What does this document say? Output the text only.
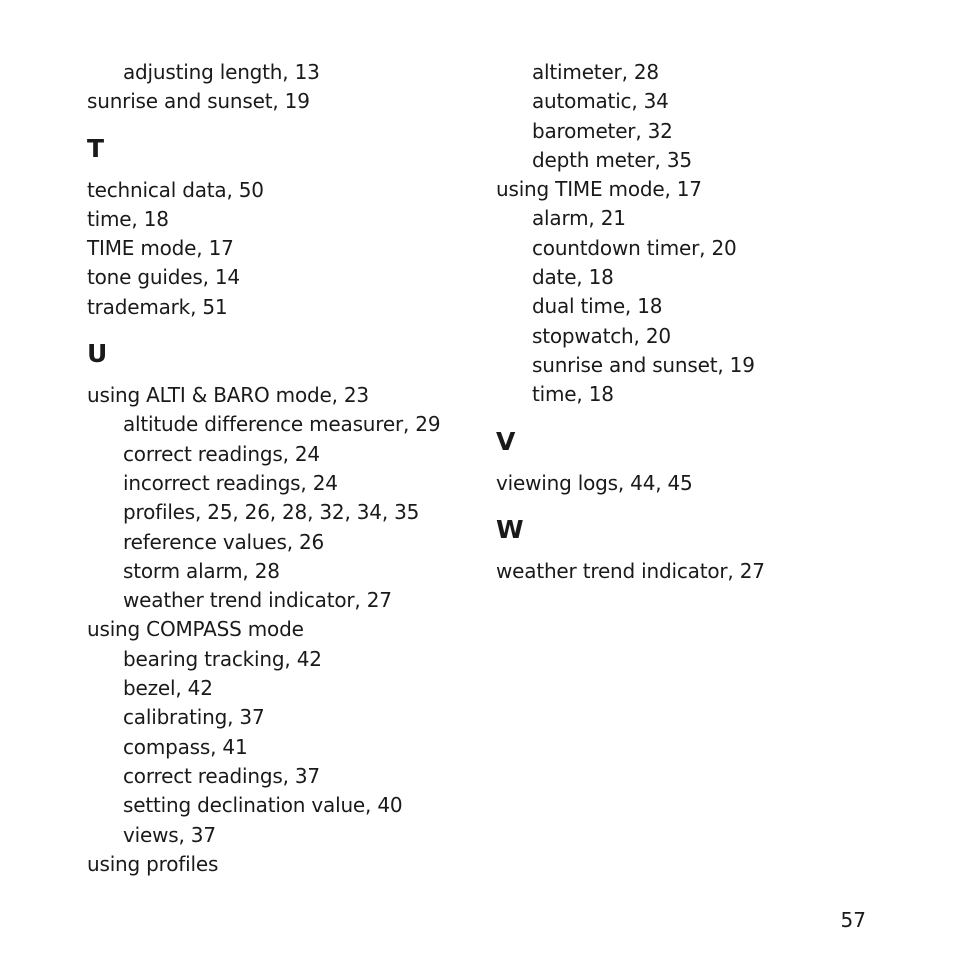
adjusting length, 13
sunrise and sunset, 19
T
technical data, 50
time, 18
TIME mode, 17
tone guides, 14
trademark, 51
U
using ALTI & BARO mode, 23
altitude difference measurer, 29
correct readings, 24
incorrect readings, 24
profiles, 25, 26, 28, 32, 34, 35
reference values, 26
storm alarm, 28
weather trend indicator, 27
using COMPASS mode
bearing tracking, 42
bezel, 42
calibrating, 37
compass, 41
correct readings, 37
setting declination value, 40
views, 37
using profiles
altimeter, 28
automatic, 34
barometer, 32
depth meter, 35
using TIME mode, 17
alarm, 21
countdown timer, 20
date, 18
dual time, 18
stopwatch, 20
sunrise and sunset, 19
time, 18
V
viewing logs, 44, 45
W
weather trend indicator, 27
57
